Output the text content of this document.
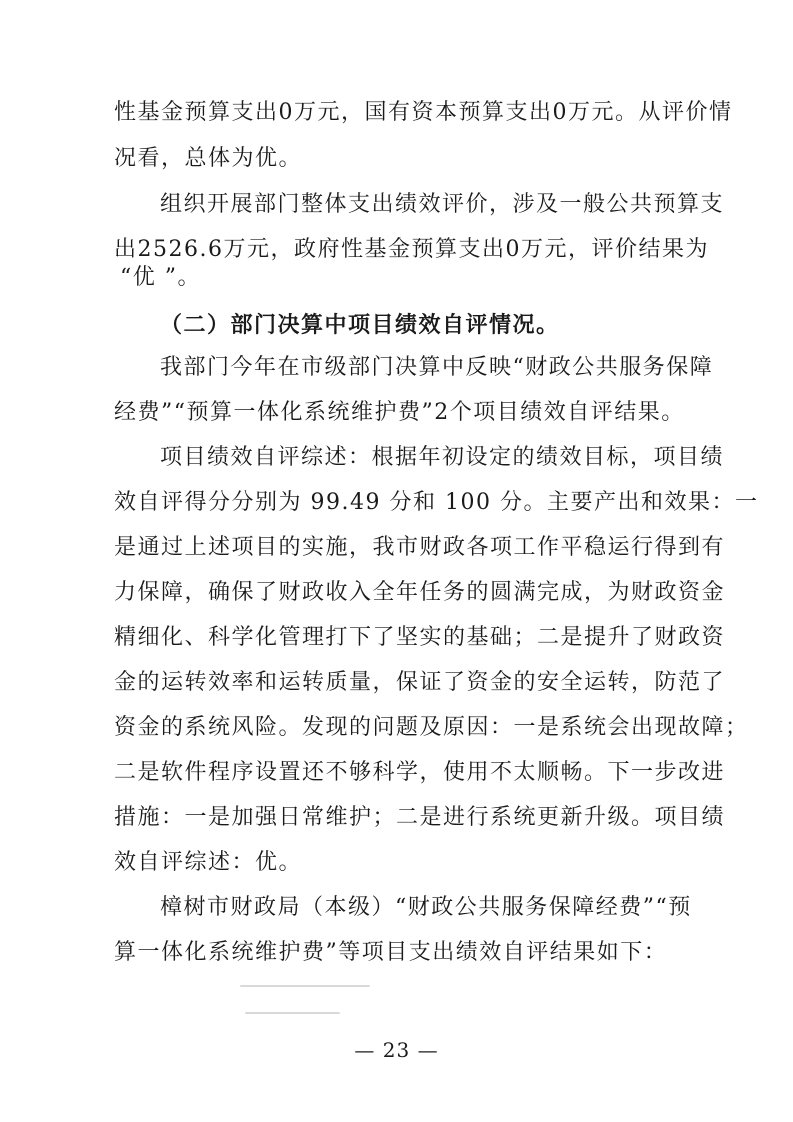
性基金预算支出0万元，国有资本预算支出0万元。从评价情
况看，总体为优。
组织开展部门整体支出绩效评价，涉及一般公共预算支
出2526.6万元，政府性基金预算支出0万元，评价结果为
“优 ”。
（二）部门决算中项目绩效自评情况。
我部门今年在市级部门决算中反映“财政公共服务保障
经费”“预算一体化系统维护费”2个项目绩效自评结果。
项目绩效自评综述：根据年初设定的绩效目标，项目绩
效自评得分分别为 99.49 分和 100 分。主要产出和效果：一
是通过上述项目的实施，我市财政各项工作平稳运行得到有
力保障，确保了财政收入全年任务的圆满完成，为财政资金
精细化、科学化管理打下了坚实的基础；二是提升了财政资
金的运转效率和运转质量，保证了资金的安全运转，防范了
资金的系统风险。发现的问题及原因：一是系统会出现故障；
二是软件程序设置还不够科学，使用不太顺畅。下一步改进
措施：一是加强日常维护；二是进行系统更新升级。项目绩
效自评综述：优。
樟树市财政局（本级）“财政公共服务保障经费”“预
算一体化系统维护费”等项目支出绩效自评结果如下：
— 23 —
